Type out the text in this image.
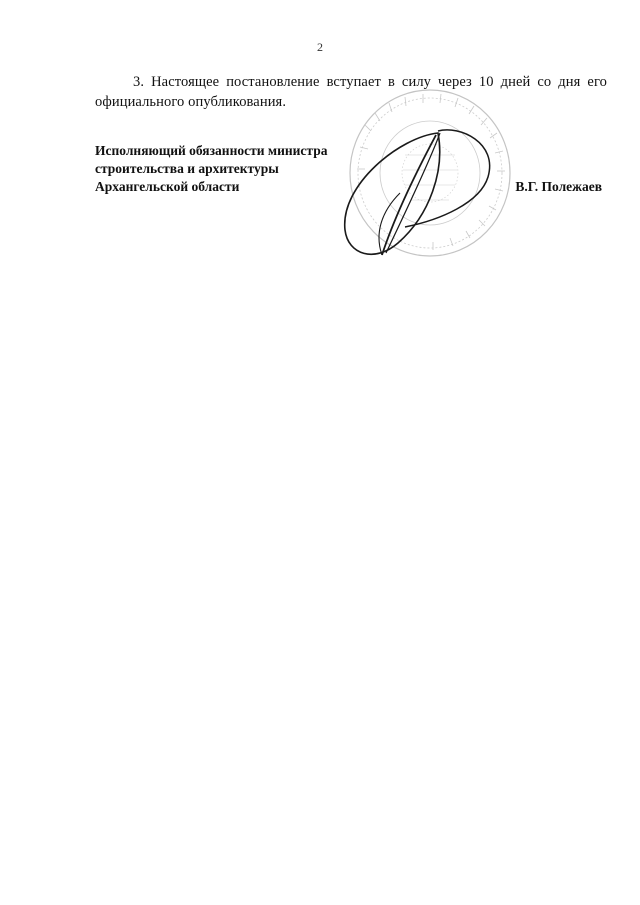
2

3. Настоящее постановление вступает в силу через 10 дней со дня его официального опубликования.

Исполняющий обязанности министра
строительства и архитектуры
Архангельской области	В.Г. Полежаев
